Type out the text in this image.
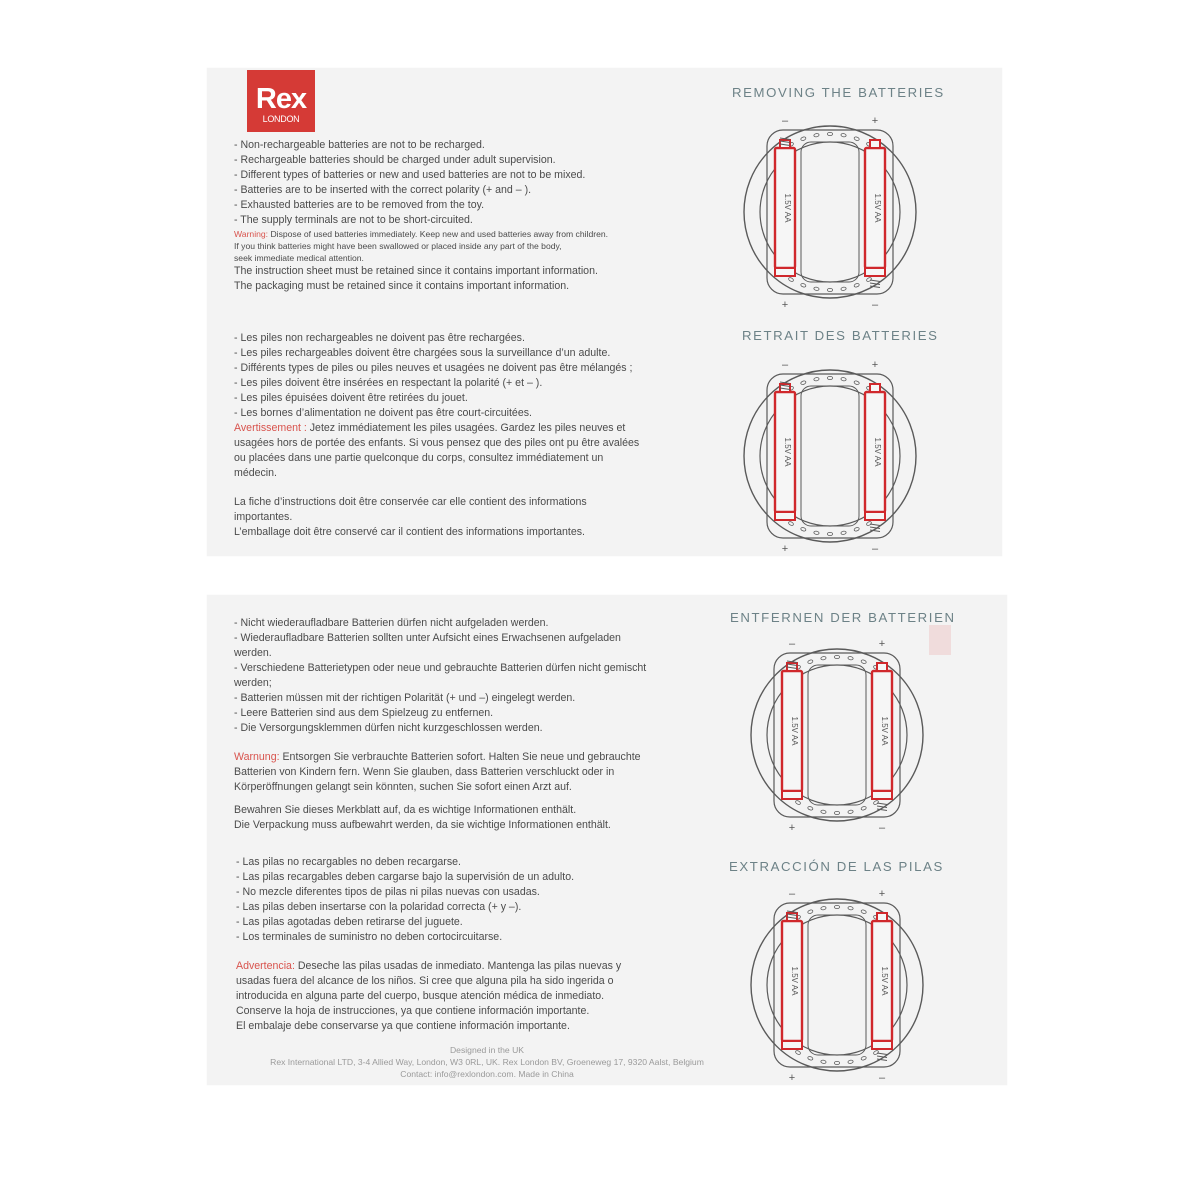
Rex
LONDON
- Non-rechargeable batteries are not to be recharged.
- Rechargeable batteries should be charged under adult supervision.
- Different types of batteries or new and used batteries are not to be mixed.
- Batteries are to be inserted with the correct polarity (+ and – ).
- Exhausted batteries are to be removed from the toy.
- The supply terminals are not to be short-circuited.
Warning: Dispose of used batteries immediately. Keep new and used batteries away from children.
If you think batteries might have been swallowed or placed inside any part of the body,
seek immediate medical attention.
The instruction sheet must be retained since it contains important information.
The packaging must be retained since it contains important information.
- Les piles non rechargeables ne doivent pas être rechargées.
- Les piles rechargeables doivent être chargées sous la surveillance d’un adulte.
- Différents types de piles ou piles neuves et usagées ne doivent pas être mélangés ;
- Les piles doivent être insérées en respectant la polarité (+ et – ).
- Les piles épuisées doivent être retirées du jouet.
- Les bornes d’alimentation ne doivent pas être court-circuitées.
Avertissement : Jetez immédiatement les piles usagées. Gardez les piles neuves et
usagées hors de portée des enfants. Si vous pensez que des piles ont pu être avalées
ou placées dans une partie quelconque du corps, consultez immédiatement un
médecin.
La fiche d’instructions doit être conservée car elle contient des informations
importantes.
L’emballage doit être conservé car il contient des informations importantes.
REMOVING THE BATTERIES
RETRAIT DES BATTERIES
1.5V AA	1.5V AA
–	+
+	–
1.5V AA	1.5V AA
–	+
+	–
- Nicht wiederaufladbare Batterien dürfen nicht aufgeladen werden.
- Wiederaufladbare Batterien sollten unter Aufsicht eines Erwachsenen aufgeladen
werden.
- Verschiedene Batterietypen oder neue und gebrauchte Batterien dürfen nicht gemischt
werden;
- Batterien müssen mit der richtigen Polarität (+ und –) eingelegt werden.
- Leere Batterien sind aus dem Spielzeug zu entfernen.
- Die Versorgungsklemmen dürfen nicht kurzgeschlossen werden.
Warnung: Entsorgen Sie verbrauchte Batterien sofort. Halten Sie neue und gebrauchte
Batterien von Kindern fern. Wenn Sie glauben, dass Batterien verschluckt oder in
Körperöffnungen gelangt sein könnten, suchen Sie sofort einen Arzt auf.
Bewahren Sie dieses Merkblatt auf, da es wichtige Informationen enthält.
Die Verpackung muss aufbewahrt werden, da sie wichtige Informationen enthält.
- Las pilas no recargables no deben recargarse.
- Las pilas recargables deben cargarse bajo la supervisión de un adulto.
- No mezcle diferentes tipos de pilas ni pilas nuevas con usadas.
- Las pilas deben insertarse con la polaridad correcta (+ y –).
- Las pilas agotadas deben retirarse del juguete.
- Los terminales de suministro no deben cortocircuitarse.
Advertencia: Deseche las pilas usadas de inmediato. Mantenga las pilas nuevas y
usadas fuera del alcance de los niños. Si cree que alguna pila ha sido ingerida o
introducida en alguna parte del cuerpo, busque atención médica de inmediato.
Conserve la hoja de instrucciones, ya que contiene información importante.
El embalaje debe conservarse ya que contiene información importante.
Designed in the UK
Rex International LTD, 3-4 Allied Way, London, W3 0RL, UK. Rex London BV, Groeneweg 17, 9320 Aalst, Belgium
Contact: info@rexlondon.com. Made in China
ENTFERNEN DER BATTERIEN
EXTRACCIÓN DE LAS PILAS
1.5V AA	1.5V AA
–	+
+	–
1.5V AA	1.5V AA
–	+
+	–
